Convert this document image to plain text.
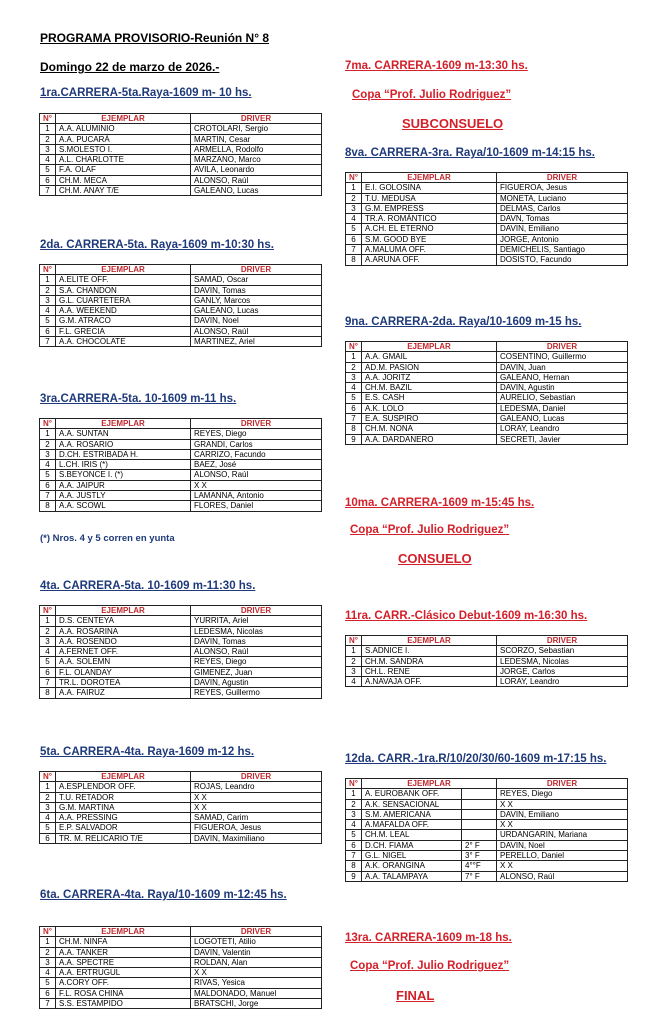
PROGRAMA PROVISORIO-Reunión N° 8
Domingo 22 de marzo de 2026.-
1ra.CARRERA-5ta.Raya-1609 m- 10 hs.
N°	EJEMPLAR	DRIVER
1	A.A. ALUMINIO	CROTOLARI, Sergio
2	A.A. PUCARÁ	MARTIN, Cesar
3	S.MOLESTO I.	ARMELLA, Rodolfo
4	A.L. CHARLOTTE	MARZANO, Marco
5	F.A. OLAF	AVILA, Leonardo
6	CH.M. MECA	ALONSO, Raúl
7	CH.M. ANAY T/E	GALEANO, Lucas
2da. CARRERA-5ta. Raya-1609 m-10:30 hs.
N°	EJEMPLAR	DRIVER
1	A.ELITE OFF.	SAMAD, Oscar
2	S.A. CHANDON	DAVIN, Tomas
3	G.L. CUARTETERA	GANLY, Marcos
4	A.A. WEEKEND	GALEANO, Lucas
5	G.M. ATRACO	DAVIN, Noel
6	F.L. GRECIA	ALONSO, Raúl
7	A.A. CHOCOLATE	MARTINEZ, Ariel
3ra.CARRERA-5ta. 10-1609 m-11 hs.
N°	EJEMPLAR	DRIVER
1	A.A. SUNTAN	REYES, Diego
2	A.A. ROSARIO	GRANDI, Carlos
3	D.CH. ESTRIBADA H.	CARRIZO, Facundo
4	L.CH. IRIS (*)	BAEZ, José
5	S.BEYONCE I. (*)	ALONSO, Raúl
6	A.A. JAIPUR	X X
7	A.A. JUSTLY	LAMANNA, Antonio
8	A.A. SCOWL	FLORES, Daniel
(*) Nros. 4 y 5 corren en yunta
4ta. CARRERA-5ta. 10-1609 m-11:30 hs.
N°	EJEMPLAR	DRIVER
1	D.S. CENTEYA	YURRITA, Ariel
2	A.A. ROSARINA	LEDESMA, Nicolas
3	A.A. ROSENDO	DAVIN, Tomas
4	A.FERNET OFF.	ALONSO, Raúl
5	A.A. SOLEMN	REYES, Diego
6	F.L. OLANDAY	GIMENEZ, Juan
7	TR.L. DOROTEA	DAVIN, Agustin
8	A.A. FAIRUZ	REYES, Guillermo
5ta. CARRERA-4ta. Raya-1609 m-12 hs.
N°	EJEMPLAR	DRIVER
1	A.ESPLENDOR OFF.	ROJAS, Leandro
2	T.U. RETADOR	X X
3	G.M. MARTINA	X X
4	A.A. PRESSING	SAMAD, Carim
5	E.P. SALVADOR	FIGUEROA, Jesus
6	TR. M. RELICARIO T/E	DAVIN, Maximiliano
6ta. CARRERA-4ta. Raya/10-1609 m-12:45 hs.
N°	EJEMPLAR	DRIVER
1	CH.M. NINFA	LOGOTETI, Atilio
2	A.A. TANKER	DAVIN, Valentin
3	A.A. SPECTRE	ROLDAN, Alan
4	A.A. ERTRUGUL	X X
5	A.CORY OFF.	RIVAS, Yesica
6	F.L. ROSA CHINA	MALDONADO, Manuel
7	S.S. ESTAMPIDO	BRATSCHI, Jorge
7ma. CARRERA-1609 m-13:30 hs.
Copa “Prof. Julio Rodriguez”
SUBCONSUELO
8va. CARRERA-3ra. Raya/10-1609 m-14:15 hs.
N°	EJEMPLAR	DRIVER
1	E.I. GOLOSINA	FIGUEROA, Jesus
2	T.U. MEDUSA	MONETA, Luciano
3	G.M. EMPRESS	DELMAS, Carlos
4	TR.A. ROMÁNTICO	DAVN, Tomas
5	A.CH. EL ETERNO	DAVIN, Emiliano
6	S.M. GOOD BYE	JORGE, Antonio
7	A.MALUMA OFF.	DEMICHELIS, Santiago
8	A.ARUNA OFF.	DOSISTO, Facundo
9na. CARRERA-2da. Raya/10-1609 m-15 hs.
N°	EJEMPLAR	DRIVER
1	A.A. GMAIL	COSENTINO, Guillermo
2	AD.M. PASION	DAVIN, Juan
3	A.A. JORITZ	GALEANO, Hernan
4	CH.M. BAZIL	DAVIN, Agustin
5	E.S. CASH	AURELIO, Sebastian
6	A.K. LOLO	LEDESMA, Daniel
7	E.A. SUSPIRO	GALEANO, Lucas
8	CH.M. NONA	LORAY, Leandro
9	A.A. DARDANERO	SECRETI, Javier
10ma. CARRERA-1609 m-15:45 hs.
Copa “Prof. Julio Rodriguez”
CONSUELO
11ra. CARR.-Clásico Debut-1609 m-16:30 hs.
N°	EJEMPLAR	DRIVER
1	S.ADNICE I.	SCORZO, Sebastian
2	CH.M. SANDRA	LEDESMA, Nicolas
3	CH.L. RENE	JORGE, Carlos
4	A.NAVAJA OFF.	LORAY, Leandro
12da. CARR.-1ra.R/10/20/30/60-1609 m-17:15 hs.
N°	EJEMPLAR		DRIVER
1	A. EUROBANK OFF.		REYES, Diego
2	A.K. SENSACIONAL		X X
3	S.M. AMERICANA		DAVIN, Emiliano
4	A.MAFALDA OFF.		X X
5	CH.M. LEAL		URDANGARIN, Mariana
6	D.CH. FIAMA	2° F	DAVIN, Noel
7	G.L. NIGEL	3° F	PERELLO, Daniel
8	A.K. ORANGINA	4°°F	X X
9	A.A. TALAMPAYA	7° F	ALONSO, Raúl
13ra. CARRERA-1609 m-18 hs.
Copa “Prof. Julio Rodriguez”
FINAL
